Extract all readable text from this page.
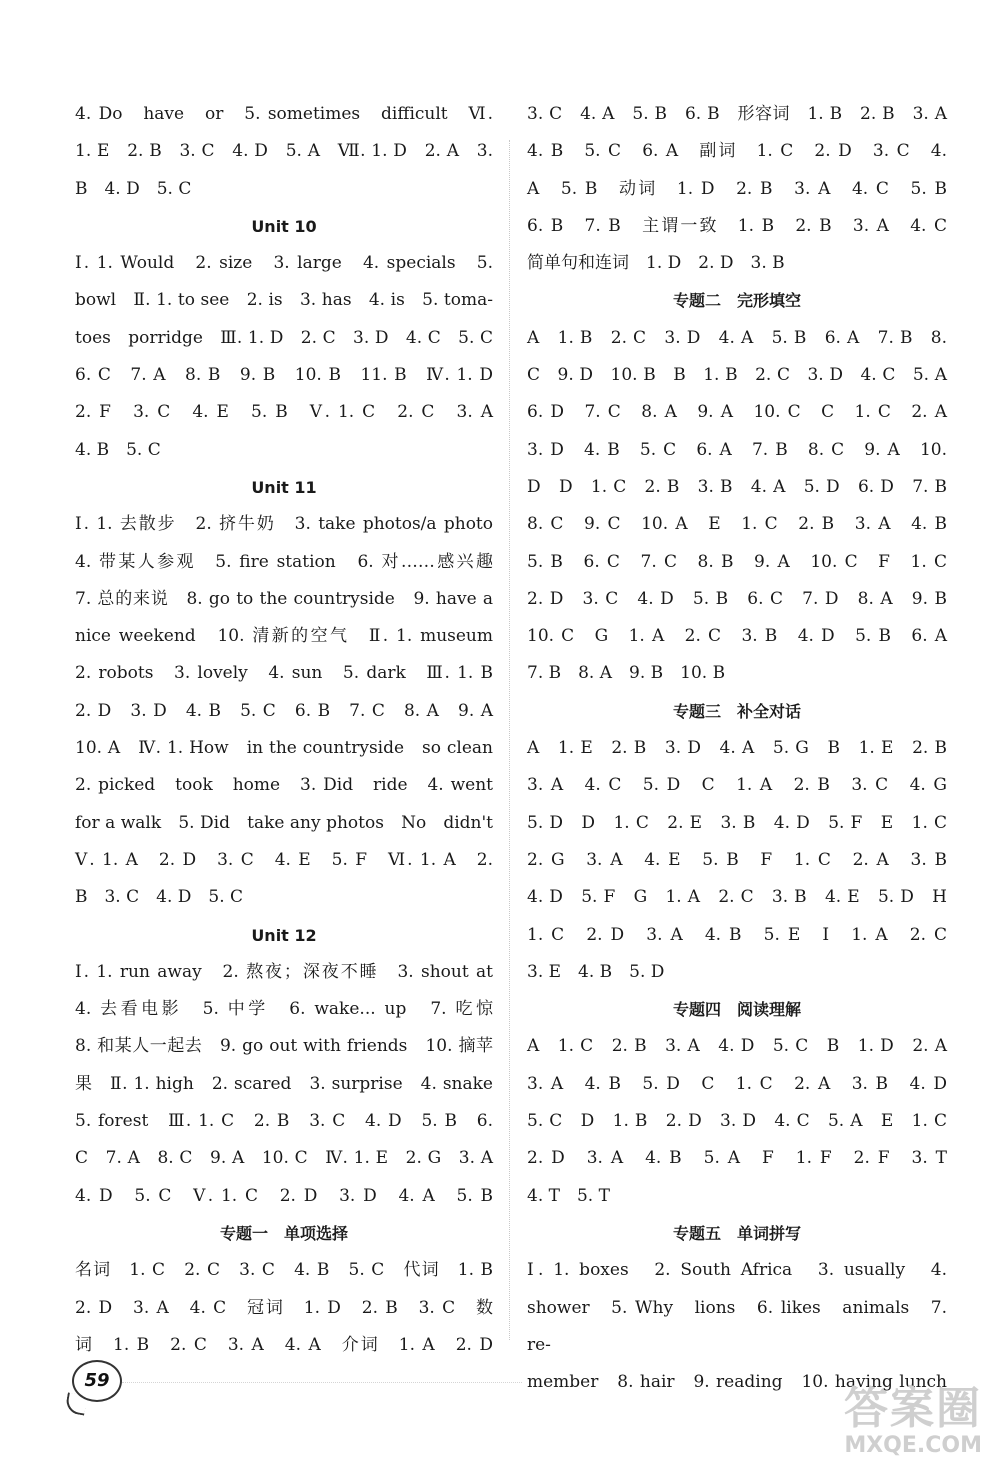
4. Do　have　or　5. sometimes　difficult　Ⅵ.

1. E　2. B　3. C　4. D　5. A　Ⅶ. 1. D　2. A　3.

B　4. D　5. C

Unit 10

Ⅰ. 1. Would　2. size　3. large　4. specials　5.

bowl　Ⅱ. 1. to see　2. is　3. has　4. is　5. toma-

toes　porridge　Ⅲ. 1. D　2. C　3. D　4. C　5. C

6. C　7. A　8. B　9. B　10. B　11. B　Ⅳ. 1. D

2. F　3. C　4. E　5. B　Ⅴ. 1. C　2. C　3. A

4. B　5. C

Unit 11

Ⅰ. 1. 去散步　2. 挤牛奶　3. take photos/a photo

4. 带某人参观　5. fire station　6. 对……感兴趣

7. 总的来说　8. go to the countryside　9. have a

nice weekend　10. 清新的空气　Ⅱ. 1. museum

2. robots　3. lovely　4. sun　5. dark　Ⅲ. 1. B

2. D　3. D　4. B　5. C　6. B　7. C　8. A　9. A

10. A　Ⅳ. 1. How　in the countryside　so clean

2. picked　took　home　3. Did　ride　4. went

for a walk　5. Did　take any photos　No　didn't

Ⅴ. 1. A　2. D　3. C　4. E　5. F　Ⅵ. 1. A　2.

B　3. C　4. D　5. C

Unit 12

Ⅰ. 1. run away　2. 熬夜；深夜不睡　3. shout at

4. 去看电影　5. 中学　6. wake... up　7. 吃惊

8. 和某人一起去　9. go out with friends　10. 摘苹

果　Ⅱ. 1. high　2. scared　3. surprise　4. snake

5. forest　Ⅲ. 1. C　2. B　3. C　4. D　5. B　6.

C　7. A　8. C　9. A　10. C　Ⅳ. 1. E　2. G　3. A

4. D　5. C　Ⅴ. 1. C　2. D　3. D　4. A　5. B

专题一　单项选择

名词　1. C　2. C　3. C　4. B　5. C　代词　1. B

2. D　3. A　4. C　冠词　1. D　2. B　3. C　数

词　1. B　2. C　3. A　4. A　介词　1. A　2. D

3. C　4. A　5. B　6. B　形容词　1. B　2. B　3. A

4. B　5. C　6. A　副词　1. C　2. D　3. C　4.

A　5. B　动词　1. D　2. B　3. A　4. C　5. B

6. B　7. B　主谓一致　1. B　2. B　3. A　4. C

简单句和连词　1. D　2. D　3. B

专题二　完形填空

A　1. B　2. C　3. D　4. A　5. B　6. A　7. B　8.

C　9. D　10. B　B　1. B　2. C　3. D　4. C　5. A

6. D　7. C　8. A　9. A　10. C　C　1. C　2. A

3. D　4. B　5. C　6. A　7. B　8. C　9. A　10.

D　D　1. C　2. B　3. B　4. A　5. D　6. D　7. B

8. C　9. C　10. A　E　1. C　2. B　3. A　4. B

5. B　6. C　7. C　8. B　9. A　10. C　F　1. C

2. D　3. C　4. D　5. B　6. C　7. D　8. A　9. B

10. C　G　1. A　2. C　3. B　4. D　5. B　6. A

7. B　8. A　9. B　10. B

专题三　补全对话

A　1. E　2. B　3. D　4. A　5. G　B　1. E　2. B

3. A　4. C　5. D　C　1. A　2. B　3. C　4. G

5. D　D　1. C　2. E　3. B　4. D　5. F　E　1. C

2. G　3. A　4. E　5. B　F　1. C　2. A　3. B

4. D　5. F　G　1. A　2. C　3. B　4. E　5. D　H

1. C　2. D　3. A　4. B　5. E　I　1. A　2. C

3. E　4. B　5. D

专题四　阅读理解

A　1. C　2. B　3. A　4. D　5. C　B　1. D　2. A

3. A　4. B　5. D　C　1. C　2. A　3. B　4. D

5. C　D　1. B　2. D　3. D　4. C　5. A　E　1. C

2. D　3. A　4. B　5. A　F　1. F　2. F　3. T

4. T　5. T

专题五　单词拼写

Ⅰ. 1. boxes　2. South Africa　3. usually　4.

shower　5. Why　lions　6. likes　animals　7. re-

member　8. hair　9. reading　10. having lunch

59
答案圈
MXQE.COM
